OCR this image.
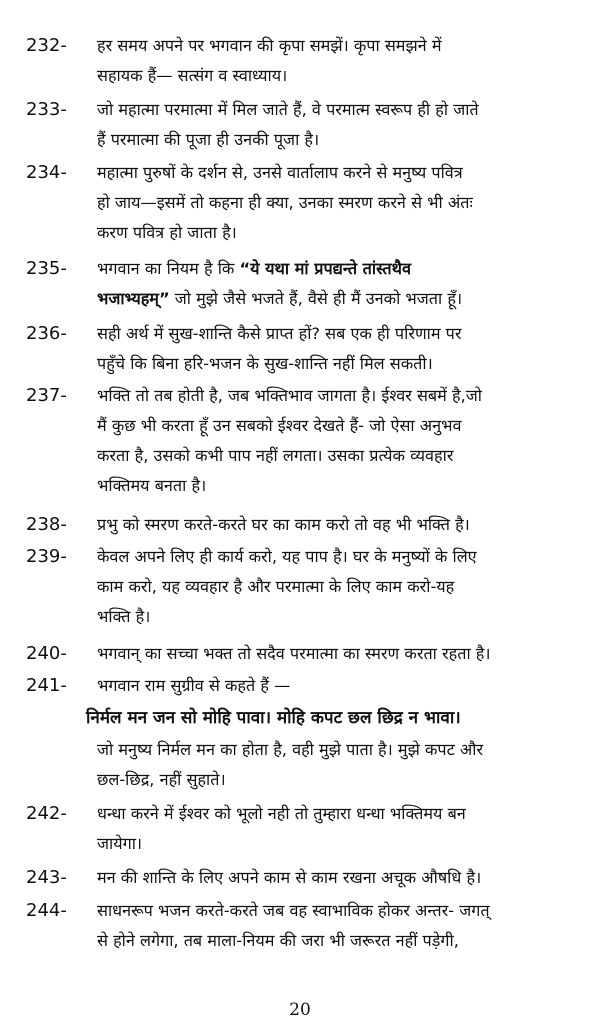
232- हर समय अपने पर भगवान की कृपा समझें। कृपा समझने में
सहायक हैं— सत्संग व स्वाध्याय।
233- जो महात्मा परमात्मा में मिल जाते हैं, वे परमात्म स्वरूप ही हो जाते
हैं परमात्मा की पूजा ही उनकी पूजा है।
234- महात्मा पुरुषों के दर्शन से, उनसे वार्तालाप करने से मनुष्य पवित्र
हो जाय—इसमें तो कहना ही क्या, उनका स्मरण करने से भी अंतः
करण पवित्र हो जाता है।
235- भगवान का नियम है कि “ये यथा मां प्रपद्यन्ते तांस्तथैव
भजाभ्यहम्” जो मुझे जैसे भजते हैं, वैसे ही मैं उनको भजता हूँ।
236- सही अर्थ में सुख-शान्ति कैसे प्राप्त हों? सब एक ही परिणाम पर
पहुँचे कि बिना हरि-भजन के सुख-शान्ति नहीं मिल सकती।
237- भक्ति तो तब होती है, जब भक्तिभाव जागता है। ईश्वर सबमें है,जो
मैं कुछ भी करता हूँ उन सबको ईश्वर देखते हैं- जो ऐसा अनुभव
करता है, उसको कभी पाप नहीं लगता। उसका प्रत्येक व्यवहार
भक्तिमय बनता है।
238- प्रभु को स्मरण करते-करते घर का काम करो तो वह भी भक्ति है।
239- केवल अपने लिए ही कार्य करो, यह पाप है। घर के मनुष्यों के लिए
काम करो, यह व्यवहार है और परमात्मा के लिए काम करो-यह
भक्ति है।
240- भगवान् का सच्चा भक्त तो सदैव परमात्मा का स्मरण करता रहता है।
241- भगवान राम सुग्रीव से कहते हैं —
निर्मल मन जन सो मोहि पावा। मोहि कपट छल छिद्र न भावा।
जो मनुष्य निर्मल मन का होता है, वही मुझे पाता है। मुझे कपट और
छल-छिद्र, नहीं सुहाते।
242- धन्धा करने में ईश्वर को भूलो नही तो तुम्हारा धन्धा भक्तिमय बन
जायेगा।
243- मन की शान्ति के लिए अपने काम से काम रखना अचूक औषधि है।
244- साधनरूप भजन करते-करते जब वह स्वाभाविक होकर अन्तर- जगत्
से होने लगेगा, तब माला-नियम की जरा भी जरूरत नहीं पड़ेगी,
20
